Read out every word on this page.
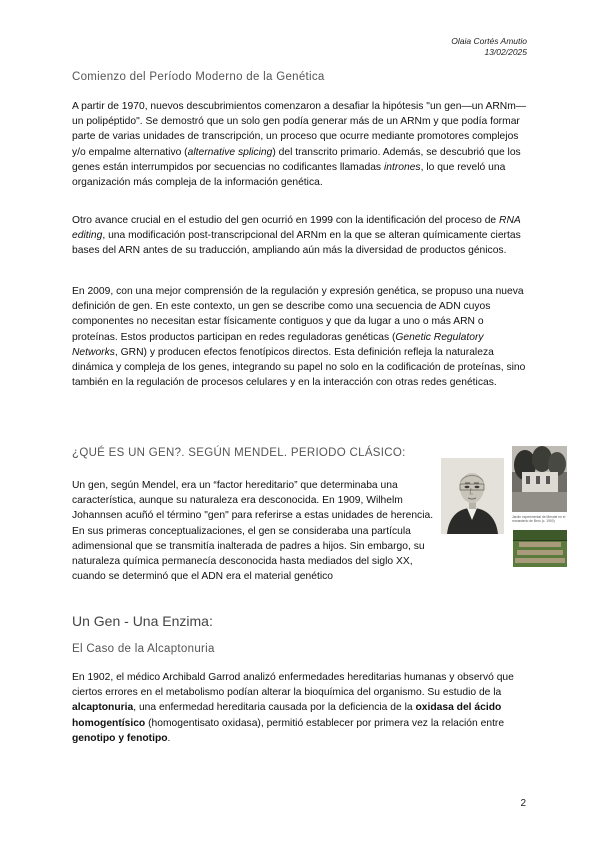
Olaia Cortés Amutio
13/02/2025
Comienzo del Período Moderno de la Genética

A partir de 1970, nuevos descubrimientos comenzaron a desafiar la hipótesis "un gen—un ARNm—un polipéptido". Se demostró que un solo gen podía generar más de un ARNm y que podía formar parte de varias unidades de transcripción, un proceso que ocurre mediante promotores complejos y/o empalme alternativo (alternative splicing) del transcrito primario. Además, se descubrió que los genes están interrumpidos por secuencias no codificantes llamadas intrones, lo que reveló una organización más compleja de la información genética.

Otro avance crucial en el estudio del gen ocurrió en 1999 con la identificación del proceso de RNA editing, una modificación post-transcripcional del ARNm en la que se alteran químicamente ciertas bases del ARN antes de su traducción, ampliando aún más la diversidad de productos génicos.

En 2009, con una mejor comprensión de la regulación y expresión genética, se propuso una nueva definición de gen. En este contexto, un gen se describe como una secuencia de ADN cuyos componentes no necesitan estar físicamente contiguos y que da lugar a uno o más ARN o proteínas. Estos productos participan en redes reguladoras genéticas (Genetic Regulatory Networks, GRN) y producen efectos fenotípicos directos. Esta definición refleja la naturaleza dinámica y compleja de los genes, integrando su papel no solo en la codificación de proteínas, sino también en la regulación de procesos celulares y en la interacción con otras redes genéticas.

¿QUÉ ES UN GEN?. SEGÚN MENDEL. PERIODO CLÁSICO:

Un gen, según Mendel, era un “factor hereditario” que determinaba una característica, aunque su naturaleza era desconocida. En 1909, Wilhelm Johannsen acuñó el término "gen" para referirse a estas unidades de herencia. En sus primeras conceptualizaciones, el gen se consideraba una partícula adimensional que se transmitía inalterada de padres a hijos. Sin embargo, su naturaleza química permanecía desconocida hasta mediados del siglo XX, cuando se determinó que el ADN era el material genético

Jardín experimental de Mendel en el monasterio de Brno (c. 1900)
Un Gen - Una Enzima:
El Caso de la Alcaptonuria

En 1902, el médico Archibald Garrod analizó enfermedades hereditarias humanas y observó que ciertos errores en el metabolismo podían alterar la bioquímica del organismo. Su estudio de la alcaptonuria, una enfermedad hereditaria causada por la deficiencia de la oxidasa del ácido homogentísico (homogentisato oxidasa), permitió establecer por primera vez la relación entre genotipo y fenotipo.

2
